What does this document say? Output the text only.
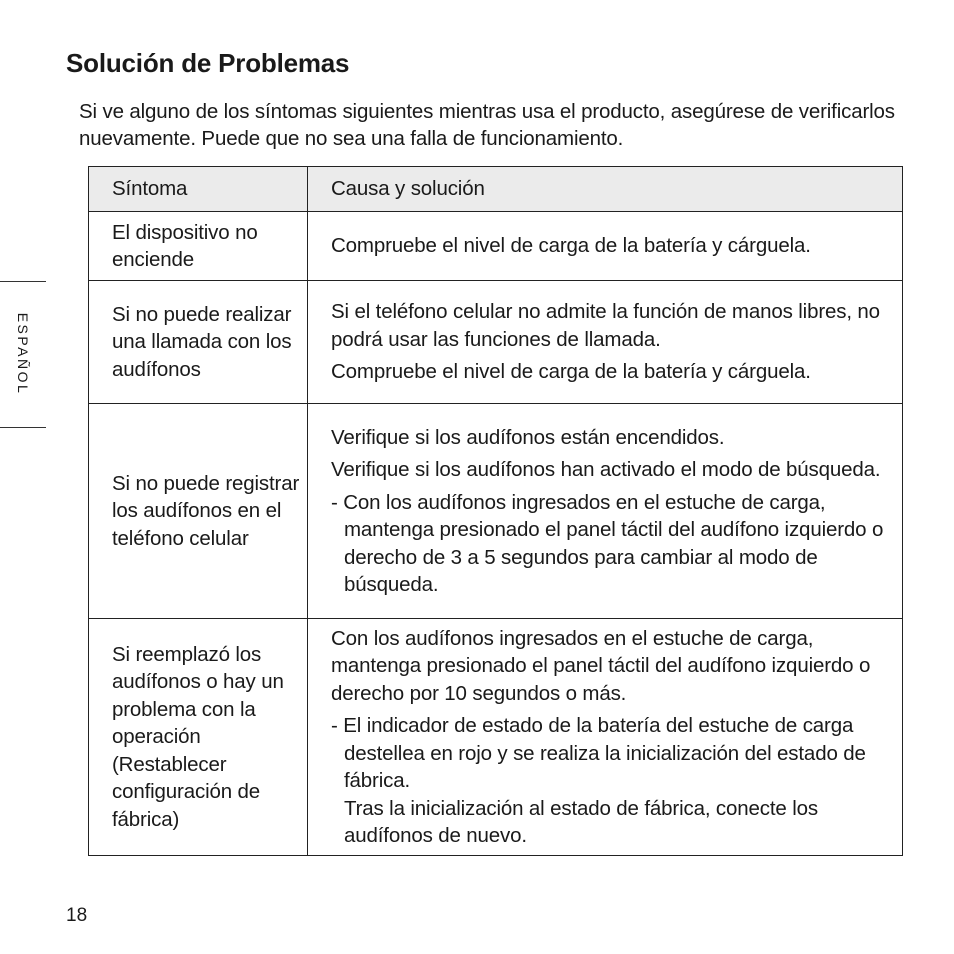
Solución de Problemas
Si ve alguno de los síntomas siguientes mientras usa el producto, asegúrese de verificarlos nuevamente. Puede que no sea una falla de funcionamiento.
ESPAÑOL
Síntoma	Causa y solución
El dispositivo no enciende	Compruebe el nivel de carga de la batería y cárguela.

Si no puede realizar una llamada con los audífonos	Si el teléfono celular no admite la función de manos libres, no podrá usar las funciones de llamada.
Compruebe el nivel de carga de la batería y cárguela.

Si no puede registrar los audífonos en el teléfono celular	Verifique si los audífonos están encendidos.
Verifique si los audífonos han activado el modo de búsqueda.
- Con los audífonos ingresados en el estuche de carga, mantenga presionado el panel táctil del audífono izquierdo o derecho de 3 a 5 segundos para cambiar al modo de búsqueda.

Si reemplazó los audífonos o hay un problema con la operación (Restablecer configuración de fábrica)	Con los audífonos ingresados en el estuche de carga, mantenga presionado el panel táctil del audífono izquierdo o derecho por 10 segundos o más.
- El indicador de estado de la batería del estuche de carga destellea en rojo y se realiza la inicialización del estado de fábrica.
Tras la inicialización al estado de fábrica, conecte los audífonos de nuevo.
18
